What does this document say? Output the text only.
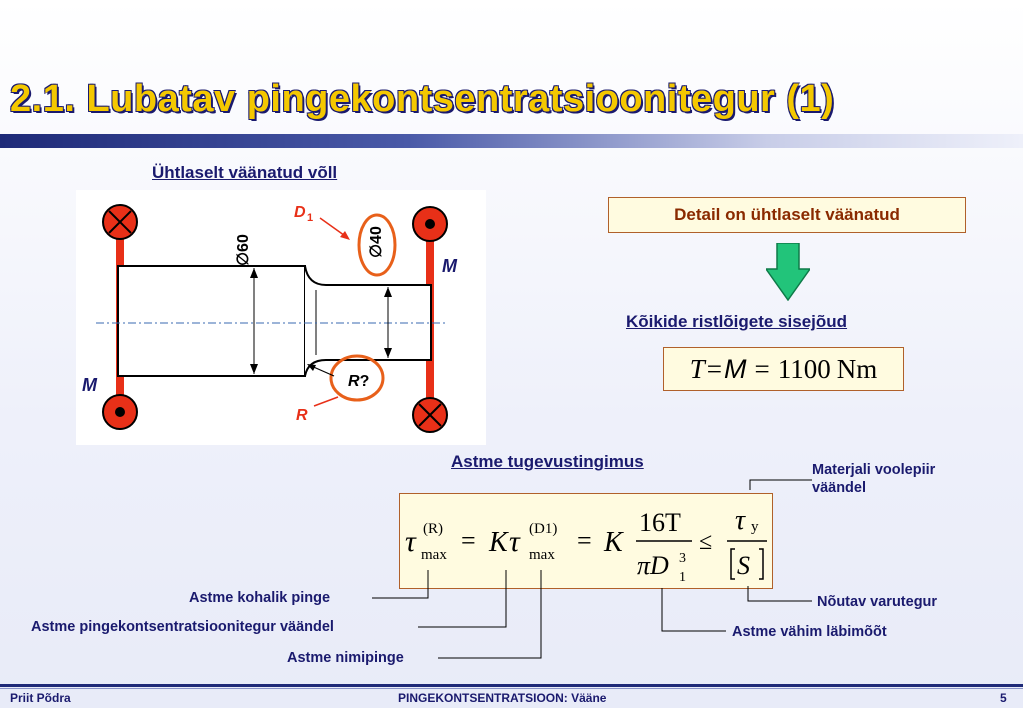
2.1. Lubatav pingekontsentratsioonitegur (1)
Ühtlaselt väänatud võll
∅60	∅40
D 1
R?
R
M
M
Detail on ühtlaselt väänatud
Kõikide ristlõigete sisejõud
T = M = 1100 Nm
Astme tugevustingimus	Materjali voolepiir väändel
τ (R)
max = K τ (D1)
max = K
16T
πD 3
1
≤
τ y
S
Astme kohalik pinge
Astme pingekontsentratsioonitegur väändel
Astme nimipinge
Nõutav varutegur
Astme vähim läbimõõt
Priit Põdra	PINGEKONTSENTRATSIOON: Vääne	5
